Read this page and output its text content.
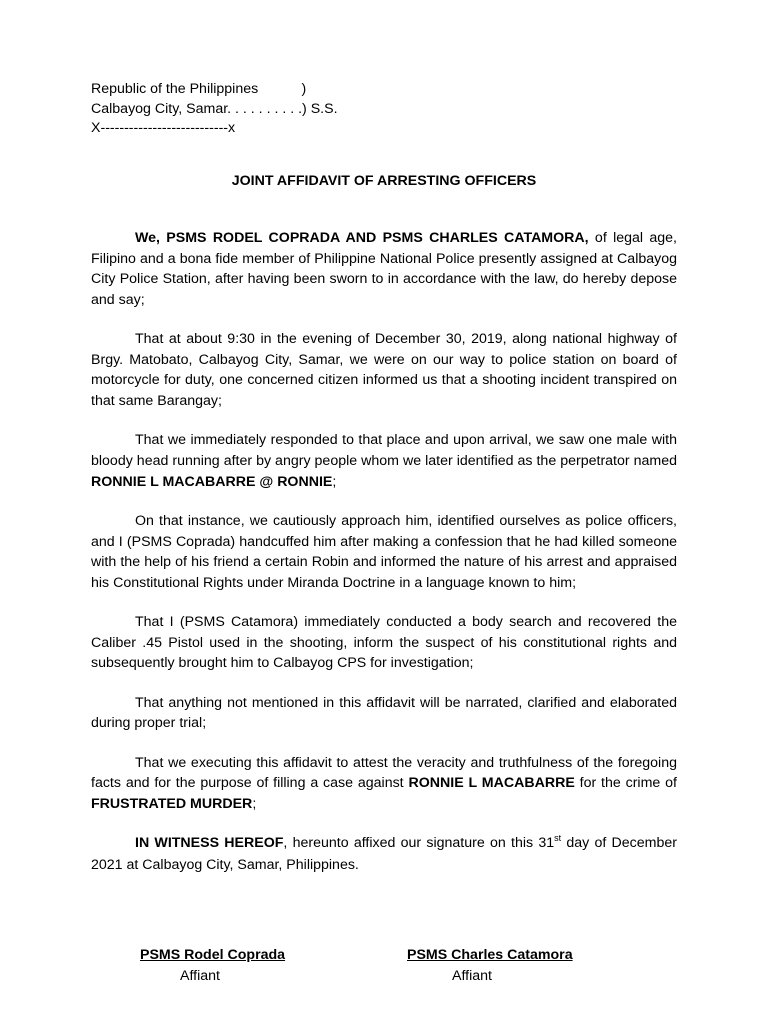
Republic of the Philippines           )
Calbayog City, Samar. . . . . . . . . .) S.S.
X---------------------------x
JOINT AFFIDAVIT OF ARRESTING OFFICERS

We, PSMS RODEL COPRADA AND PSMS CHARLES CATAMORA, of legal age, Filipino and a bona fide member of Philippine National Police presently assigned at Calbayog City Police Station, after having been sworn to in accordance with the law, do hereby depose and say;

That at about 9:30 in the evening of December 30, 2019, along national highway of Brgy. Matobato, Calbayog City, Samar, we were on our way to police station on board of motorcycle for duty, one concerned citizen informed us that a shooting incident transpired on that same Barangay;

That we immediately responded to that place and upon arrival, we saw one male with bloody head running after by angry people whom we later identified as the perpetrator named RONNIE L MACABARRE @ RONNIE;

On that instance, we cautiously approach him, identified ourselves as police officers, and I (PSMS Coprada) handcuffed him after making a confession that he had killed someone with the help of his friend a certain Robin and informed the nature of his arrest and appraised his Constitutional Rights under Miranda Doctrine in a language known to him;

That I (PSMS Catamora) immediately conducted a body search and recovered the Caliber .45 Pistol used in the shooting, inform the suspect of his constitutional rights and subsequently brought him to Calbayog CPS for investigation;

That anything not mentioned in this affidavit will be narrated, clarified and elaborated during proper trial;

That we executing this affidavit to attest the veracity and truthfulness of the foregoing facts and for the purpose of filling a case against RONNIE L MACABARRE for the crime of FRUSTRATED MURDER;

IN WITNESS HEREOF, hereunto affixed our signature on this 31st day of December 2021 at Calbayog City, Samar, Philippines.

PSMS Rodel Coprada
Affiant
PSMS Charles Catamora
Affiant
